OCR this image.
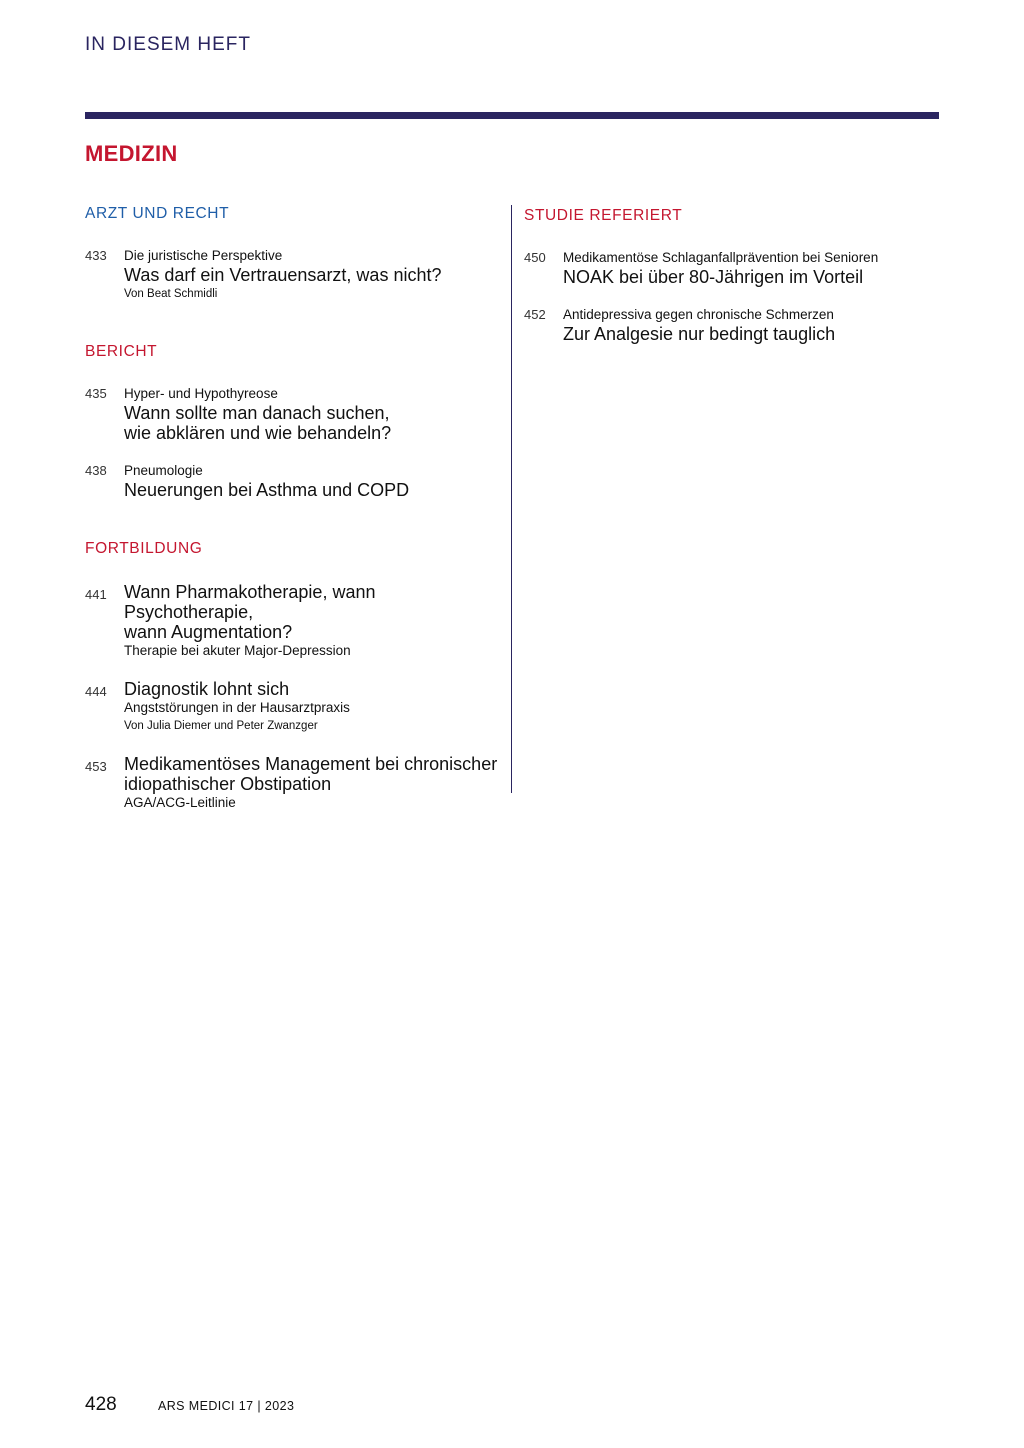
IN DIESEM HEFT
MEDIZIN
ARZT UND RECHT
433 Die juristische Perspektive
Was darf ein Vertrauensarzt, was nicht?
Von Beat Schmidli
BERICHT
435 Hyper- und Hypothyreose
Wann sollte man danach suchen,
wie abklären und wie behandeln?
438 Pneumologie
Neuerungen bei Asthma und COPD
FORTBILDUNG
441 Wann Pharmakotherapie, wann Psychotherapie,
wann Augmentation?
Therapie bei akuter Major-Depression
444 Diagnostik lohnt sich
Angststörungen in der Hausarztpraxis
Von Julia Diemer und Peter Zwanzger
453 Medikamentöses Management bei chronischer
idiopathischer Obstipation
AGA/ACG-Leitlinie
STUDIE REFERIERT
450 Medikamentöse Schlaganfallprävention bei Senioren
NOAK bei über 80-Jährigen im Vorteil
452 Antidepressiva gegen chronische Schmerzen
Zur Analgesie nur bedingt tauglich
428	ARS MEDICI 17 | 2023
